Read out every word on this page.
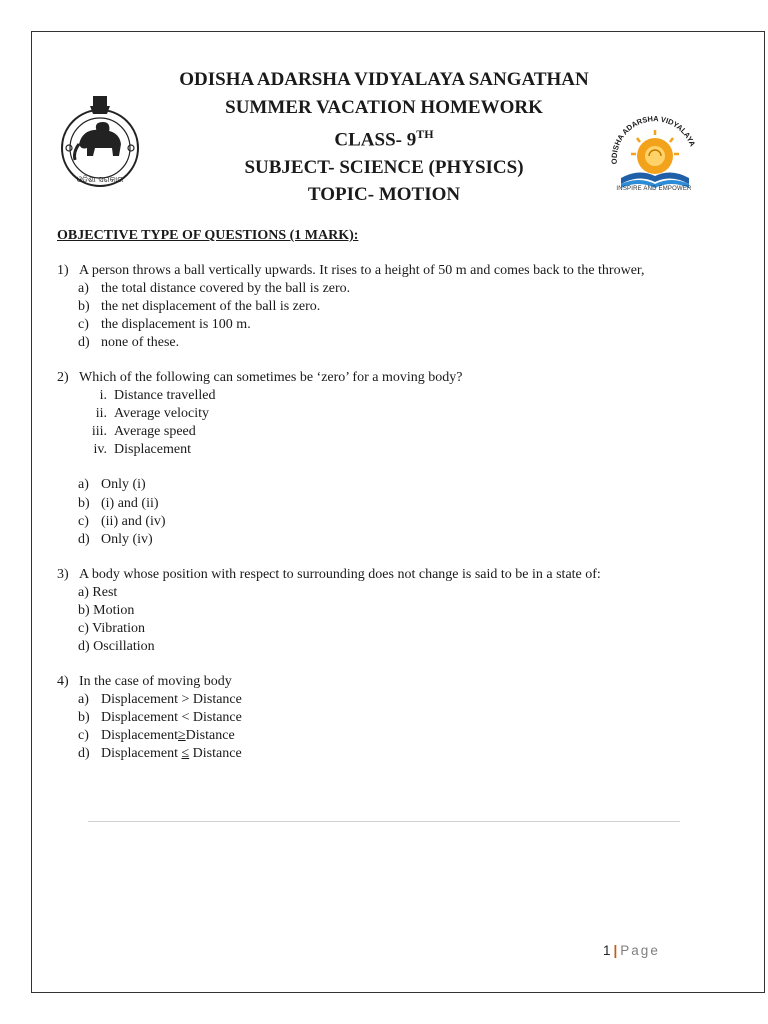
ଓଡ଼ିଶା ସରକାର
ODISHA ADARSHA VIDYALAYA SANGATHAN
SUMMER VACATION HOMEWORK
CLASS- 9TH
SUBJECT- SCIENCE (PHYSICS)
TOPIC- MOTION
ODISHA ADARSHA VIDYALAYA
INSPIRE AND EMPOWER
OBJECTIVE TYPE OF QUESTIONS (1 MARK):
1) A person throws a ball vertically upwards. It rises to a height of 50 m and comes back to the thrower,
a) the total distance covered by the ball is zero.
b) the net displacement of the ball is zero.
c) the displacement is 100 m.
d) none of these.
2) Which of the following can sometimes be ‘zero’ for a moving body?
i. Distance travelled
ii. Average velocity
iii. Average speed
iv. Displacement
a) Only (i)
b) (i) and (ii)
c) (ii) and (iv)
d) Only (iv)
3) A body whose position with respect to surrounding does not change is said to be in a state of:
a) Rest
b) Motion
c) Vibration
d) Oscillation
4) In the case of moving body
a) Displacement > Distance
b) Displacement < Distance
c) Displacement≥Distance
d) Displacement ≤ Distance
1 | Page
